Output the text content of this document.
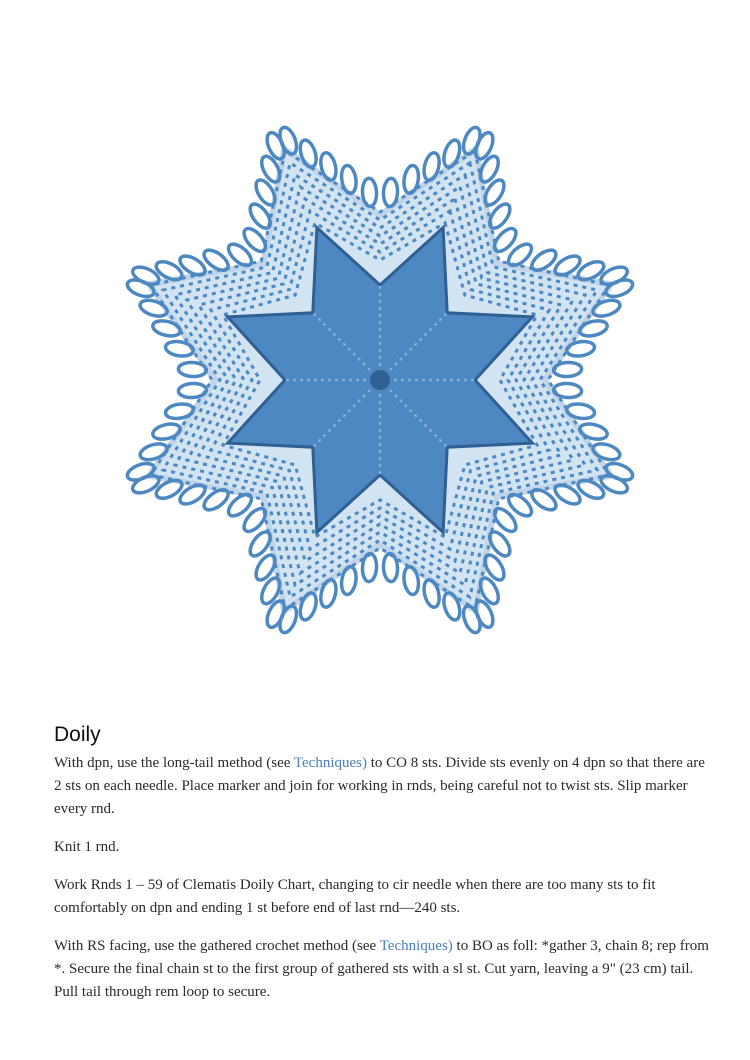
Doily

With dpn, use the long-tail method (see Techniques) to CO 8 sts. Divide sts evenly on 4 dpn so that there are 2 sts on each needle. Place marker and join for working in rnds, being careful not to twist sts. Slip marker every rnd.

Knit 1 rnd.

Work Rnds 1 – 59 of Clematis Doily Chart, changing to cir needle when there are too many sts to fit comfortably on dpn and ending 1 st before end of last rnd—240 sts.

With RS facing, use the gathered crochet method (see Techniques) to BO as foll: *gather 3, chain 8; rep from *. Secure the final chain st to the first group of gathered sts with a sl st. Cut yarn, leaving a 9" (23 cm) tail. Pull tail through rem loop to secure.
